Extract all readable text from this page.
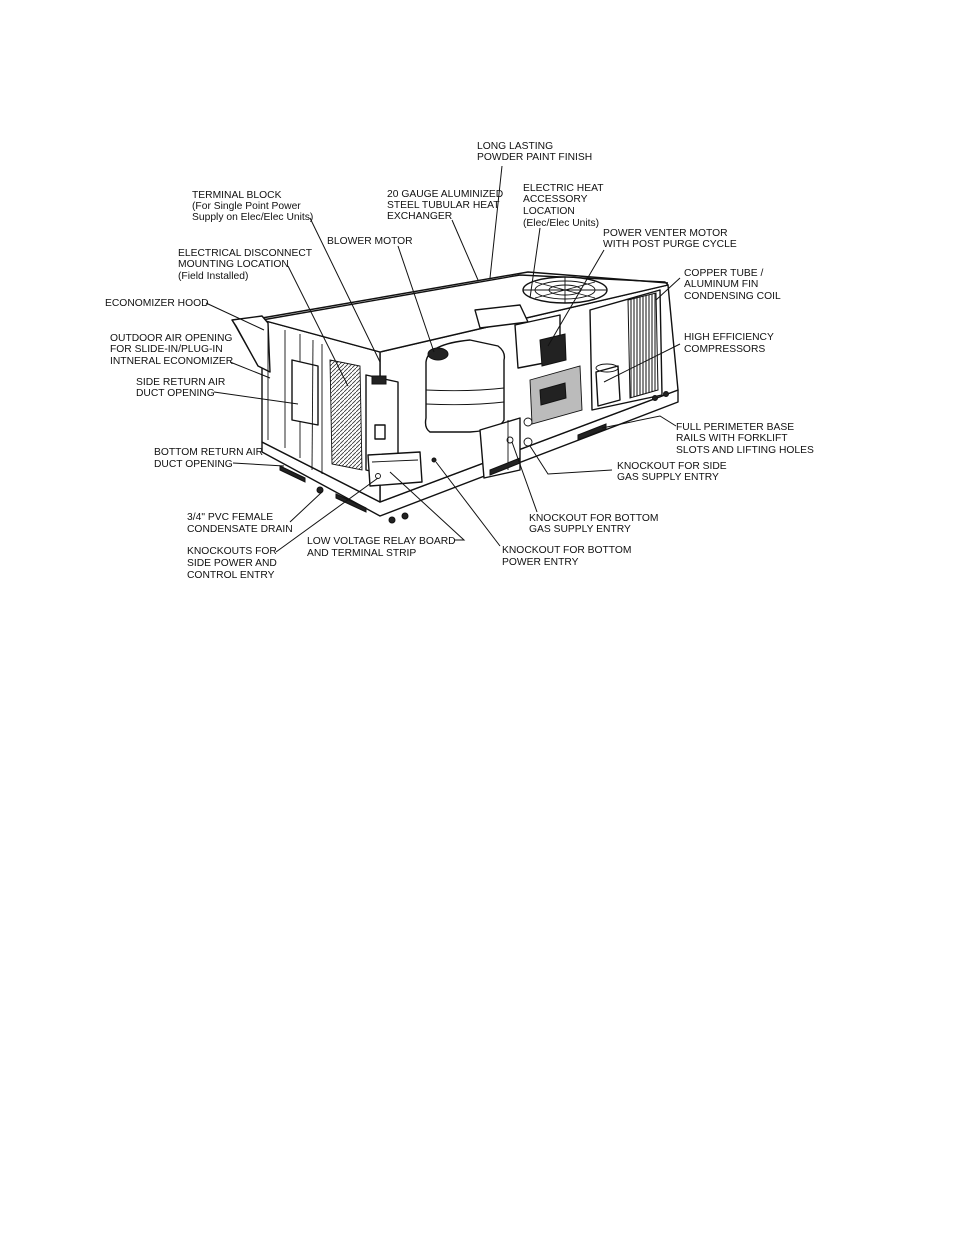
LONG LASTING POWDER PAINT FINISH
TERMINAL BLOCK (For Single Point Power Supply on Elec/Elec Units)
20 GAUGE ALUMINIZED STEEL TUBULAR HEAT EXCHANGER
ELECTRIC HEAT ACCESSORY LOCATION (Elec/Elec Units)
BLOWER MOTOR
POWER VENTER MOTOR WITH POST PURGE CYCLE
ELECTRICAL DISCONNECT MOUNTING LOCATION (Field Installed)	COPPER TUBE / ALUMINUM FIN CONDENSING COIL
ECONOMIZER HOOD
OUTDOOR AIR OPENING FOR SLIDE-IN/PLUG-IN INTNERAL ECONOMIZER
HIGH EFFICIENCY COMPRESSORS
SIDE RETURN AIR DUCT OPENING
FULL PERIMETER BASE RAILS WITH FORKLIFT SLOTS AND LIFTING HOLES
BOTTOM RETURN AIR DUCT OPENING	KNOCKOUT FOR SIDE GAS SUPPLY ENTRY
3/4" PVC FEMALE CONDENSATE DRAIN
KNOCKOUT FOR BOTTOM GAS SUPPLY ENTRY
KNOCKOUTS FOR SIDE POWER AND CONTROL ENTRY
LOW VOLTAGE RELAY BOARD AND TERMINAL STRIP	KNOCKOUT FOR BOTTOM POWER ENTRY
